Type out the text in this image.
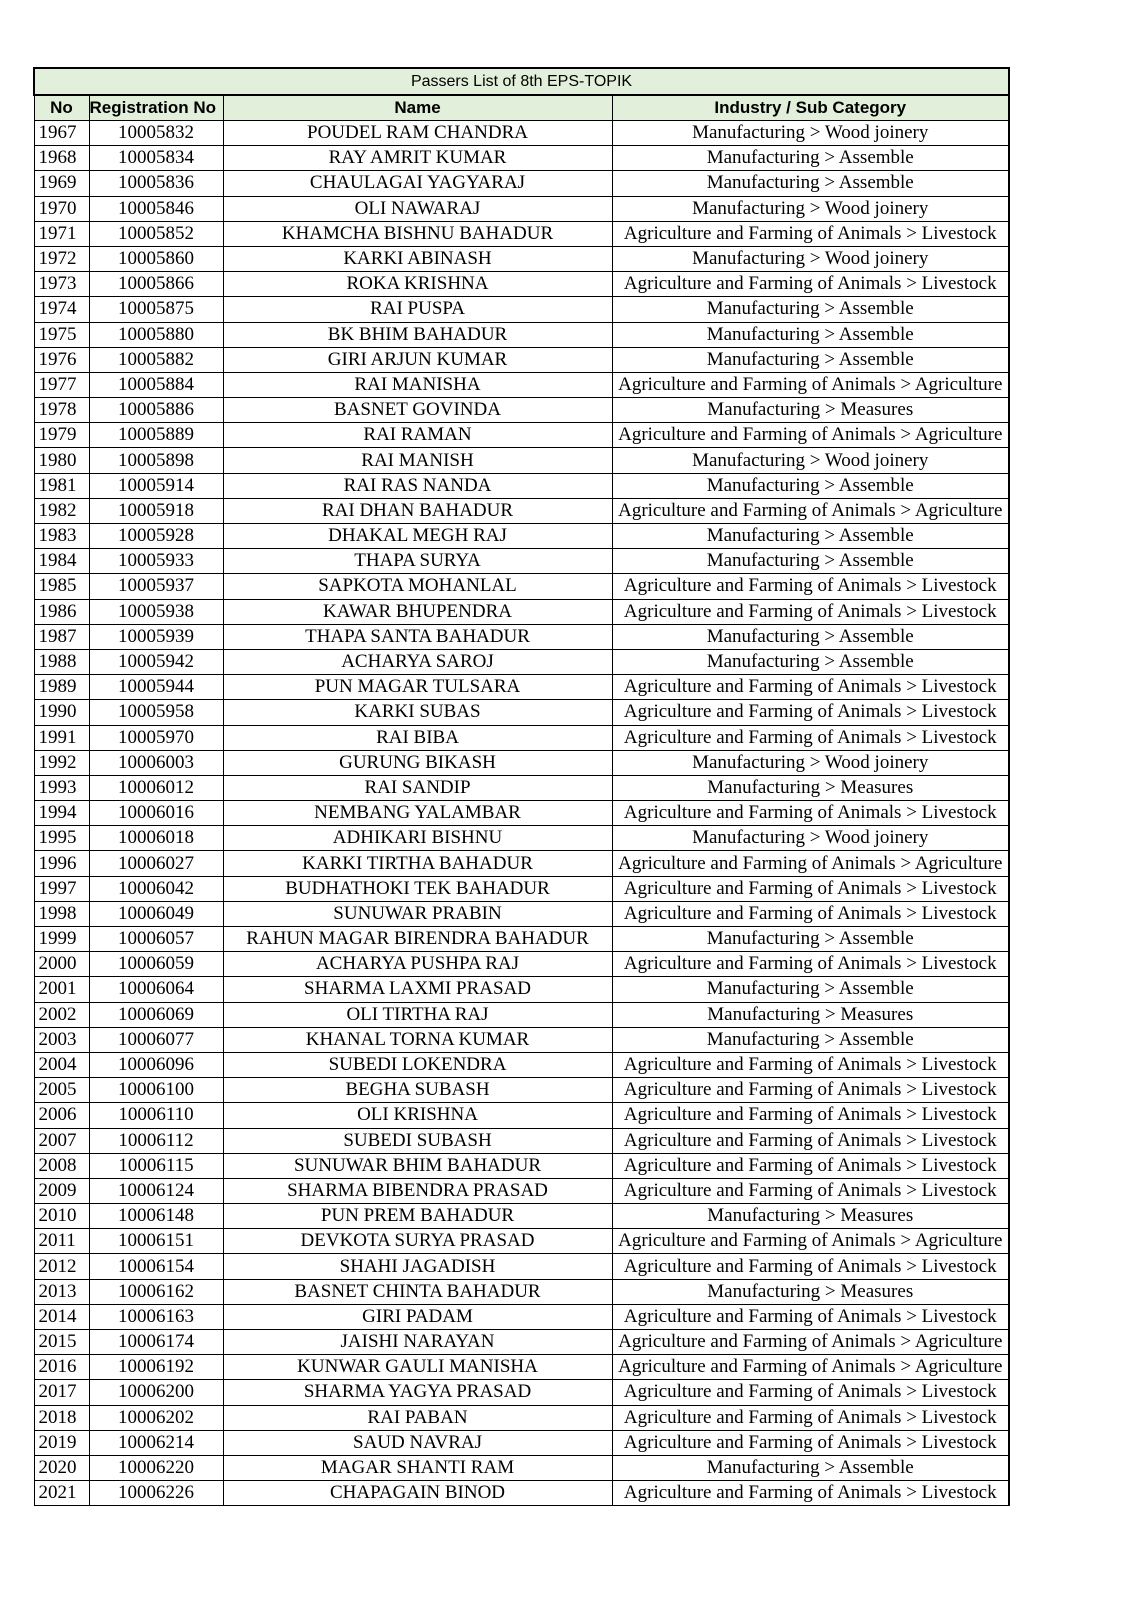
Passers List of 8th EPS-TOPIK			
No	Registration No	Name	Industry / Sub Category
1967	10005832	POUDEL RAM CHANDRA	Manufacturing > Wood joinery

1968	10005834	RAY AMRIT KUMAR	Manufacturing > Assemble

1969	10005836	CHAULAGAI YAGYARAJ	Manufacturing > Assemble

1970	10005846	OLI NAWARAJ	Manufacturing > Wood joinery

1971	10005852	KHAMCHA BISHNU BAHADUR	Agriculture and Farming of Animals > Livestock

1972	10005860	KARKI ABINASH	Manufacturing > Wood joinery

1973	10005866	ROKA KRISHNA	Agriculture and Farming of Animals > Livestock

1974	10005875	RAI PUSPA	Manufacturing > Assemble

1975	10005880	BK BHIM BAHADUR	Manufacturing > Assemble

1976	10005882	GIRI ARJUN KUMAR	Manufacturing > Assemble

1977	10005884	RAI MANISHA	Agriculture and Farming of Animals > Agriculture

1978	10005886	BASNET GOVINDA	Manufacturing > Measures

1979	10005889	RAI RAMAN	Agriculture and Farming of Animals > Agriculture

1980	10005898	RAI MANISH	Manufacturing > Wood joinery

1981	10005914	RAI RAS NANDA	Manufacturing > Assemble

1982	10005918	RAI DHAN BAHADUR	Agriculture and Farming of Animals > Agriculture

1983	10005928	DHAKAL MEGH RAJ	Manufacturing > Assemble

1984	10005933	THAPA SURYA	Manufacturing > Assemble

1985	10005937	SAPKOTA MOHANLAL	Agriculture and Farming of Animals > Livestock

1986	10005938	KAWAR BHUPENDRA	Agriculture and Farming of Animals > Livestock

1987	10005939	THAPA SANTA BAHADUR	Manufacturing > Assemble

1988	10005942	ACHARYA SAROJ	Manufacturing > Assemble

1989	10005944	PUN MAGAR TULSARA	Agriculture and Farming of Animals > Livestock

1990	10005958	KARKI SUBAS	Agriculture and Farming of Animals > Livestock

1991	10005970	RAI BIBA	Agriculture and Farming of Animals > Livestock

1992	10006003	GURUNG BIKASH	Manufacturing > Wood joinery

1993	10006012	RAI SANDIP	Manufacturing > Measures

1994	10006016	NEMBANG YALAMBAR	Agriculture and Farming of Animals > Livestock

1995	10006018	ADHIKARI BISHNU	Manufacturing > Wood joinery

1996	10006027	KARKI TIRTHA BAHADUR	Agriculture and Farming of Animals > Agriculture

1997	10006042	BUDHATHOKI TEK BAHADUR	Agriculture and Farming of Animals > Livestock

1998	10006049	SUNUWAR PRABIN	Agriculture and Farming of Animals > Livestock

1999	10006057	RAHUN MAGAR BIRENDRA BAHADUR	Manufacturing > Assemble

2000	10006059	ACHARYA PUSHPA RAJ	Agriculture and Farming of Animals > Livestock

2001	10006064	SHARMA LAXMI PRASAD	Manufacturing > Assemble

2002	10006069	OLI TIRTHA RAJ	Manufacturing > Measures

2003	10006077	KHANAL TORNA KUMAR	Manufacturing > Assemble

2004	10006096	SUBEDI LOKENDRA	Agriculture and Farming of Animals > Livestock

2005	10006100	BEGHA SUBASH	Agriculture and Farming of Animals > Livestock

2006	10006110	OLI KRISHNA	Agriculture and Farming of Animals > Livestock

2007	10006112	SUBEDI SUBASH	Agriculture and Farming of Animals > Livestock

2008	10006115	SUNUWAR BHIM BAHADUR	Agriculture and Farming of Animals > Livestock

2009	10006124	SHARMA BIBENDRA PRASAD	Agriculture and Farming of Animals > Livestock

2010	10006148	PUN PREM BAHADUR	Manufacturing > Measures

2011	10006151	DEVKOTA SURYA PRASAD	Agriculture and Farming of Animals > Agriculture

2012	10006154	SHAHI JAGADISH	Agriculture and Farming of Animals > Livestock

2013	10006162	BASNET CHINTA BAHADUR	Manufacturing > Measures

2014	10006163	GIRI PADAM	Agriculture and Farming of Animals > Livestock

2015	10006174	JAISHI NARAYAN	Agriculture and Farming of Animals > Agriculture

2016	10006192	KUNWAR GAULI MANISHA	Agriculture and Farming of Animals > Agriculture

2017	10006200	SHARMA YAGYA PRASAD	Agriculture and Farming of Animals > Livestock

2018	10006202	RAI PABAN	Agriculture and Farming of Animals > Livestock

2019	10006214	SAUD NAVRAJ	Agriculture and Farming of Animals > Livestock

2020	10006220	MAGAR SHANTI RAM	Manufacturing > Assemble

2021	10006226	CHAPAGAIN BINOD	Agriculture and Farming of Animals > Livestock
